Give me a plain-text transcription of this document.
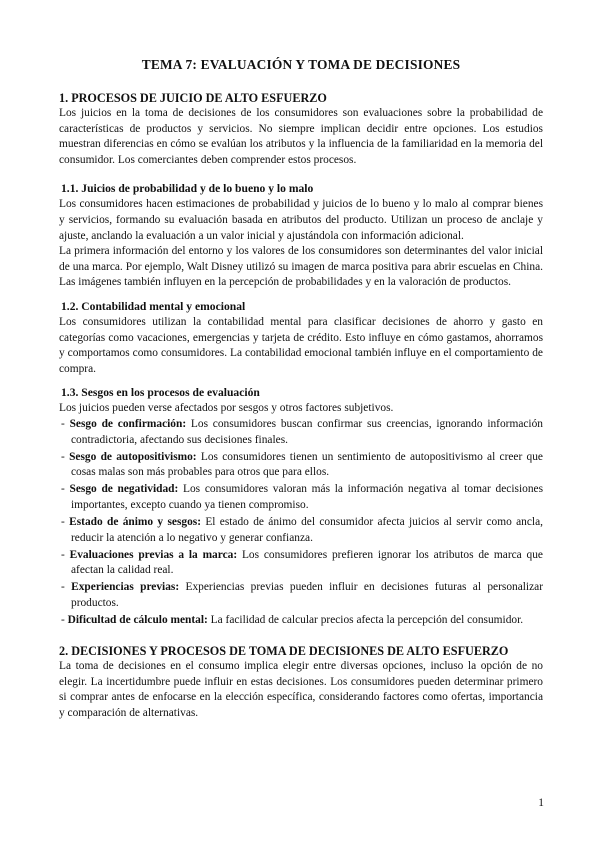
TEMA 7: EVALUACIÓN Y TOMA DE DECISIONES
1. PROCESOS DE JUICIO DE ALTO ESFUERZO

Los juicios en la toma de decisiones de los consumidores son evaluaciones sobre la probabilidad de características de productos y servicios. No siempre implican decidir entre opciones. Los estudios muestran diferencias en cómo se evalúan los atributos y la influencia de la familiaridad en la memoria del consumidor. Los comerciantes deben comprender estos procesos.

1.1. Juicios de probabilidad y de lo bueno y lo malo

Los consumidores hacen estimaciones de probabilidad y juicios de lo bueno y lo malo al comprar bienes y servicios, formando su evaluación basada en atributos del producto. Utilizan un proceso de anclaje y ajuste, anclando la evaluación a un valor inicial y ajustándola con información adicional.

La primera información del entorno y los valores de los consumidores son determinantes del valor inicial de una marca. Por ejemplo, Walt Disney utilizó su imagen de marca positiva para abrir escuelas en China. Las imágenes también influyen en la percepción de probabilidades y en la valoración de productos.

1.2. Contabilidad mental y emocional

Los consumidores utilizan la contabilidad mental para clasificar decisiones de ahorro y gasto en categorías como vacaciones, emergencias y tarjeta de crédito. Esto influye en cómo gastamos, ahorramos y comportamos como consumidores. La contabilidad emocional también influye en el comportamiento de compra.

1.3. Sesgos en los procesos de evaluación

Los juicios pueden verse afectados por sesgos y otros factores subjetivos.

- Sesgo de confirmación: Los consumidores buscan confirmar sus creencias, ignorando información contradictoria, afectando sus decisiones finales.
- Sesgo de autopositivismo: Los consumidores tienen un sentimiento de autopositivismo al creer que cosas malas son más probables para otros que para ellos.
- Sesgo de negatividad: Los consumidores valoran más la información negativa al tomar decisiones importantes, excepto cuando ya tienen compromiso.
- Estado de ánimo y sesgos: El estado de ánimo del consumidor afecta juicios al servir como ancla, reducir la atención a lo negativo y generar confianza.
- Evaluaciones previas a la marca: Los consumidores prefieren ignorar los atributos de marca que afectan la calidad real.
- Experiencias previas: Experiencias previas pueden influir en decisiones futuras al personalizar productos.
- Dificultad de cálculo mental: La facilidad de calcular precios afecta la percepción del consumidor.
2. DECISIONES Y PROCESOS DE TOMA DE DECISIONES DE ALTO ESFUERZO

La toma de decisiones en el consumo implica elegir entre diversas opciones, incluso la opción de no elegir. La incertidumbre puede influir en estas decisiones. Los consumidores pueden determinar primero si comprar antes de enfocarse en la elección específica, considerando factores como ofertas, importancia y comparación de alternativas.

1
